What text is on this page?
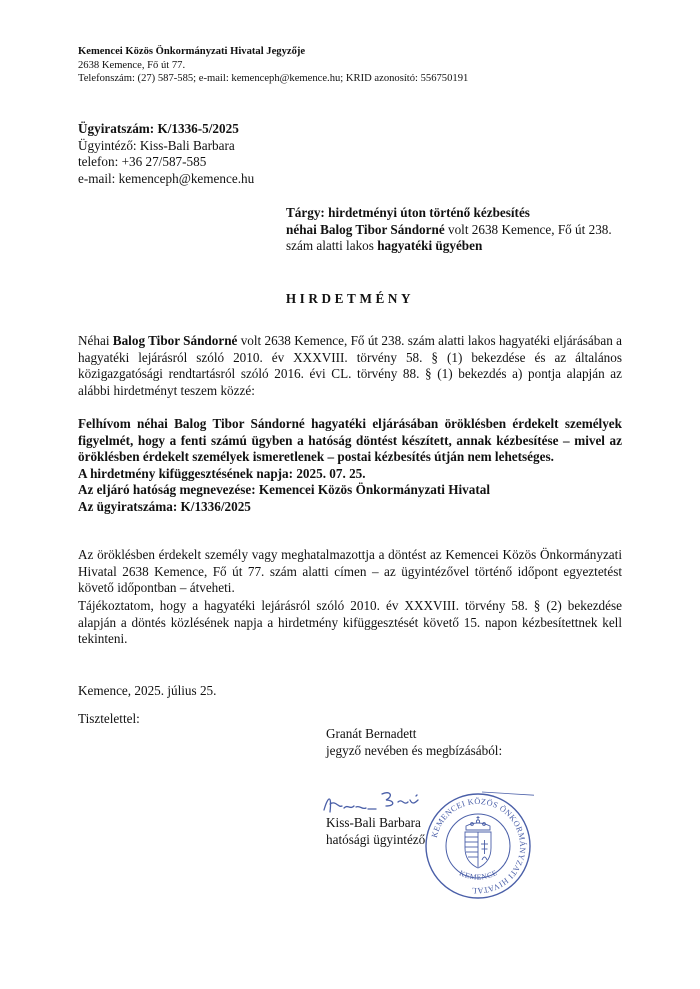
Kemencei Közös Önkormányzati Hivatal Jegyzője
2638 Kemence, Fő út 77.
Telefonszám: (27) 587-585; e-mail: kemenceph@kemence.hu; KRID azonosító: 556750191
Ügyiratszám: K/1336-5/2025
Ügyintéző: Kiss-Bali Barbara
telefon: +36 27/587-585
e-mail: kemenceph@kemence.hu
Tárgy: hirdetményi úton történő kézbesítés
néhai Balog Tibor Sándorné volt 2638 Kemence, Fő út 238. szám alatti lakos hagyatéki ügyében
HIRDETMÉNY

Néhai Balog Tibor Sándorné volt 2638 Kemence, Fő út 238. szám alatti lakos hagyatéki eljárásában a hagyatéki lejárásról szóló 2010. év XXXVIII. törvény 58. § (1) bekezdése és az általános közigazgatósági rendtartásról szóló 2016. évi CL. törvény 88. § (1) bekezdés a) pontja alapján az alábbi hirdetményt teszem közzé:

Felhívom néhai Balog Tibor Sándorné hagyatéki eljárásában öröklésben érdekelt személyek figyelmét, hogy a fenti számú ügyben a hatóság döntést készített, annak kézbesítése – mivel az öröklésben érdekelt személyek ismeretlenek – postai kézbesítés útján nem lehetséges.
A hirdetmény kifüggesztésének napja: 2025. 07. 25.
Az eljáró hatóság megnevezése: Kemencei Közös Önkormányzati Hivatal
Az ügyiratszáma: K/1336/2025

Az öröklésben érdekelt személy vagy meghatalmazottja a döntést az Kemencei Közös Önkormányzati Hivatal 2638 Kemence, Fő út 77. szám alatti címen – az ügyintézővel történő időpont egyeztetést követő időpontban – átveheti.

Tájékoztatom, hogy a hagyatéki lejárásról szóló 2010. év XXXVIII. törvény 58. § (2) bekezdése alapján a döntés közlésének napja a hirdetmény kifüggesztését követő 15. napon kézbesítettnek kell tekinteni.

Kemence, 2025. július 25.
Tisztelettel:
Granát Bernadett
jegyző nevében és megbízásából:
Kiss-Bali Barbara
hatósági ügyintéző KEMENCEI KÖZÖS ÖNKORMÁNYZATI HIVATAL
KEMENCE
